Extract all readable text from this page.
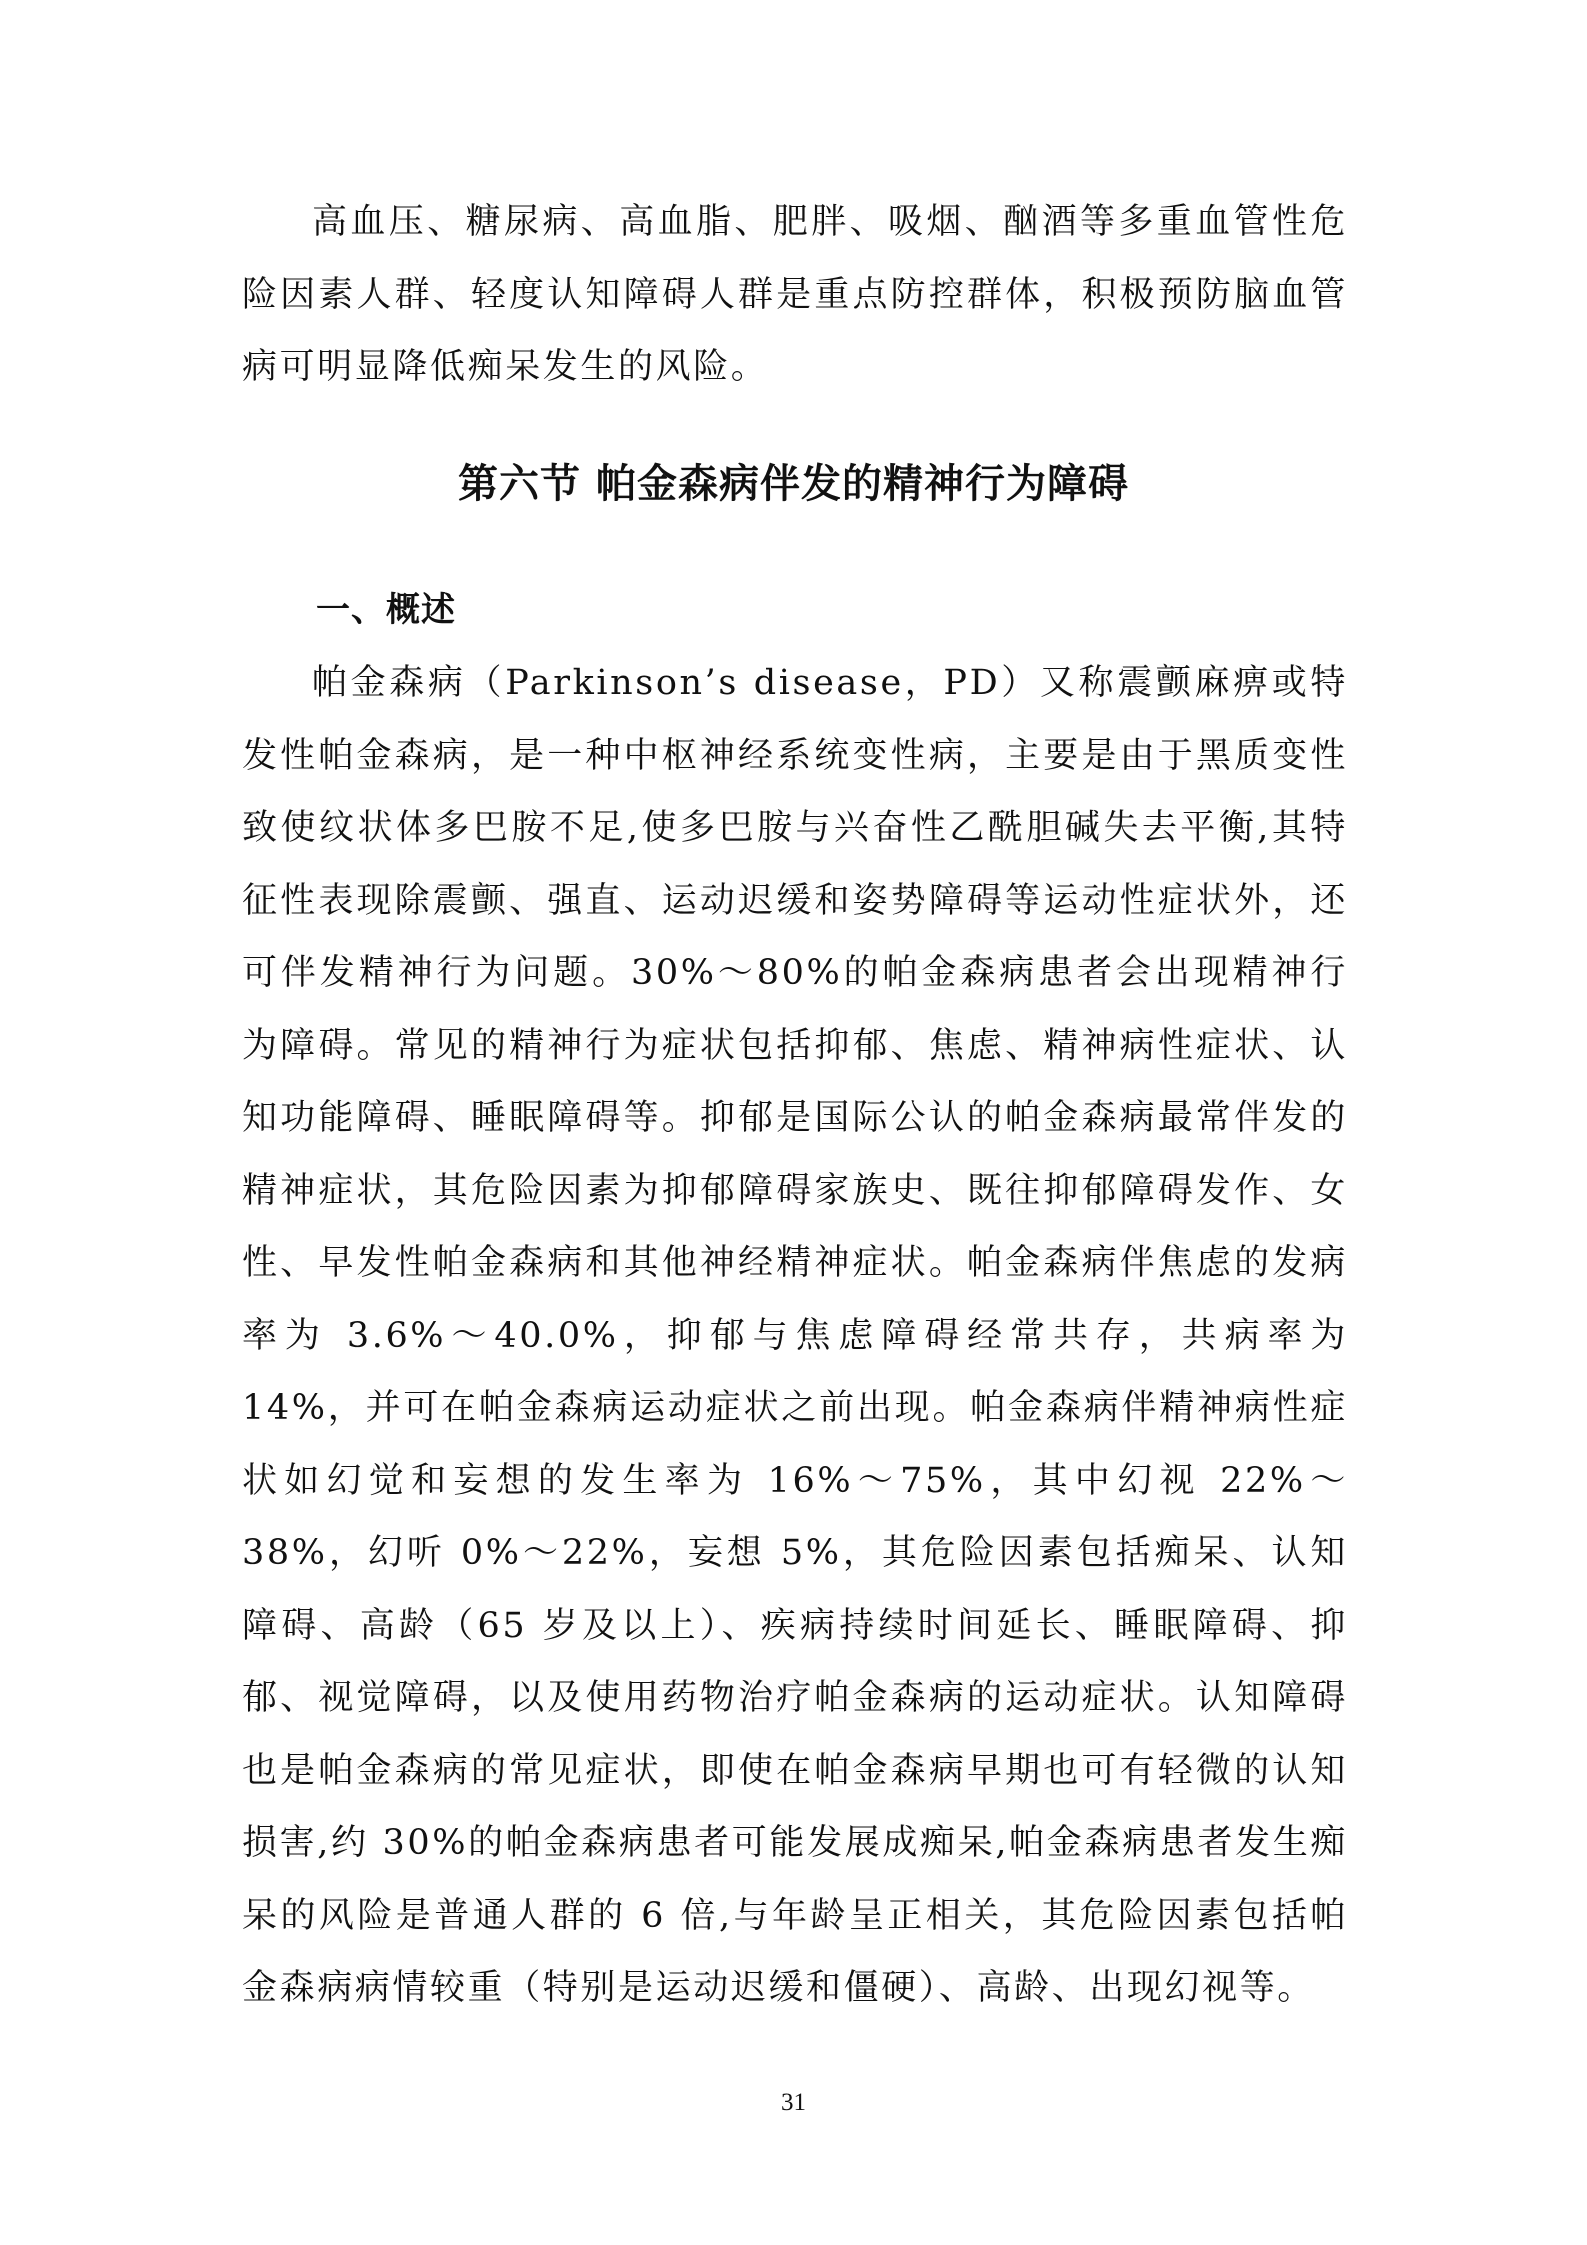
高血压、糖尿病、高血脂、肥胖、吸烟、酗酒等多重血管性危险因素人群、轻度认知障碍人群是重点防控群体，积极预防脑血管病可明显降低痴呆发生的风险。

第六节 帕金森病伴发的精神行为障碍
一、概述

帕金森病（Parkinson’s disease，PD）又称震颤麻痹或特发性帕金森病，是一种中枢神经系统变性病，主要是由于黑质变性致使纹状体多巴胺不足,使多巴胺与兴奋性乙酰胆碱失去平衡,其特征性表现除震颤、强直、运动迟缓和姿势障碍等运动性症状外，还可伴发精神行为问题。30%～80%的帕金森病患者会出现精神行为障碍。常见的精神行为症状包括抑郁、焦虑、精神病性症状、认知功能障碍、睡眠障碍等。抑郁是国际公认的帕金森病最常伴发的精神症状，其危险因素为抑郁障碍家族史、既往抑郁障碍发作、女性、早发性帕金森病和其他神经精神症状。帕金森病伴焦虑的发病率为 3.6%～40.0%，抑郁与焦虑障碍经常共存，共病率为 14%，并可在帕金森病运动症状之前出现。帕金森病伴精神病性症状如幻觉和妄想的发生率为 16%～75%，其中幻视 22%～38%，幻听 0%～22%，妄想 5%，其危险因素包括痴呆、认知障碍、高龄（65 岁及以上）、疾病持续时间延长、睡眠障碍、抑郁、视觉障碍，以及使用药物治疗帕金森病的运动症状。认知障碍也是帕金森病的常见症状，即使在帕金森病早期也可有轻微的认知损害,约 30%的帕金森病患者可能发展成痴呆,帕金森病患者发生痴呆的风险是普通人群的 6 倍,与年龄呈正相关，其危险因素包括帕金森病病情较重（特别是运动迟缓和僵硬）、高龄、出现幻视等。

31
